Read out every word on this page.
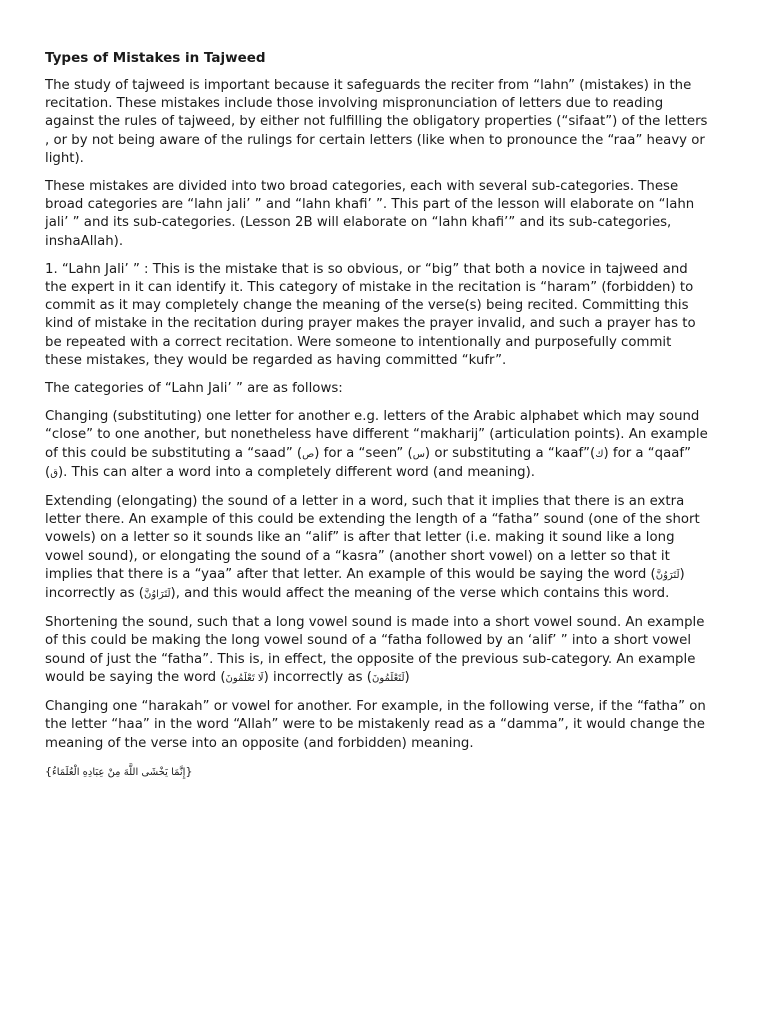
Types of Mistakes in Tajweed

The study of tajweed is important because it safeguards the reciter from “lahn” (mistakes) in the recitation. These mistakes include those involving mispronunciation of letters due to reading against the rules of tajweed, by either not fulfilling the obligatory properties (“sifaat”) of the letters , or by not being aware of the rulings for certain letters (like when to pronounce the “raa” heavy or light).

These mistakes are divided into two broad categories, each with several sub-categories. These broad categories are “lahn jali’ ” and “lahn khafi’ ”. This part of the lesson will elaborate on “lahn jali’ ” and its sub-categories. (Lesson 2B will elaborate on “lahn khafi’” and its sub-categories, inshaAllah).

1. “Lahn Jali’ ” : This is the mistake that is so obvious, or “big” that both a novice in tajweed and the expert in it can identify it. This category of mistake in the recitation is “haram” (forbidden) to commit as it may completely change the meaning of the verse(s) being recited. Committing this kind of mistake in the recitation during prayer makes the prayer invalid, and such a prayer has to be repeated with a correct recitation. Were someone to intentionally and purposefully commit these mistakes, they would be regarded as having committed “kufr”.

The categories of “Lahn Jali’ ” are as follows:

Changing (substituting) one letter for another e.g. letters of the Arabic alphabet which may sound “close” to one another, but nonetheless have different “makharij” (articulation points). An example of this could be substituting a “saad” (ص) for a “seen” (س) or substituting a “kaaf”(ك) for a “qaaf” (ق). This can alter a word into a completely different word (and meaning).

Extending (elongating) the sound of a letter in a word, such that it implies that there is an extra letter there. An example of this could be extending the length of a “fatha” sound (one of the short vowels) on a letter so it sounds like an “alif” is after that letter (i.e. making it sound like a long vowel sound), or elongating the sound of a “kasra” (another short vowel) on a letter so that it implies that there is a “yaa” after that letter. An example of this would be saying the word (لَتَرَوُنَّ) incorrectly as (لَتَرَاوُنَّ), and this would affect the meaning of the verse which contains this word.

Shortening the sound, such that a long vowel sound is made into a short vowel sound. An example of this could be making the long vowel sound of a “fatha followed by an ‘alif’ ” into a short vowel sound of just the “fatha”. This is, in effect, the opposite of the previous sub-category. An example would be saying the word (لَا تَعْلَمُونَ) incorrectly as (لَتَعْلَمُونَ)

Changing one “harakah” or vowel for another. For example, in the following verse, if the “fatha” on the letter “haa” in the word “Allah” were to be mistakenly read as a “damma”, it would change the meaning of the verse into an opposite (and forbidden) meaning.

{إِنَّمَا يَخْشَى اللَّهَ مِنْ عِبَادِهِ الْعُلَمَاءُ}
